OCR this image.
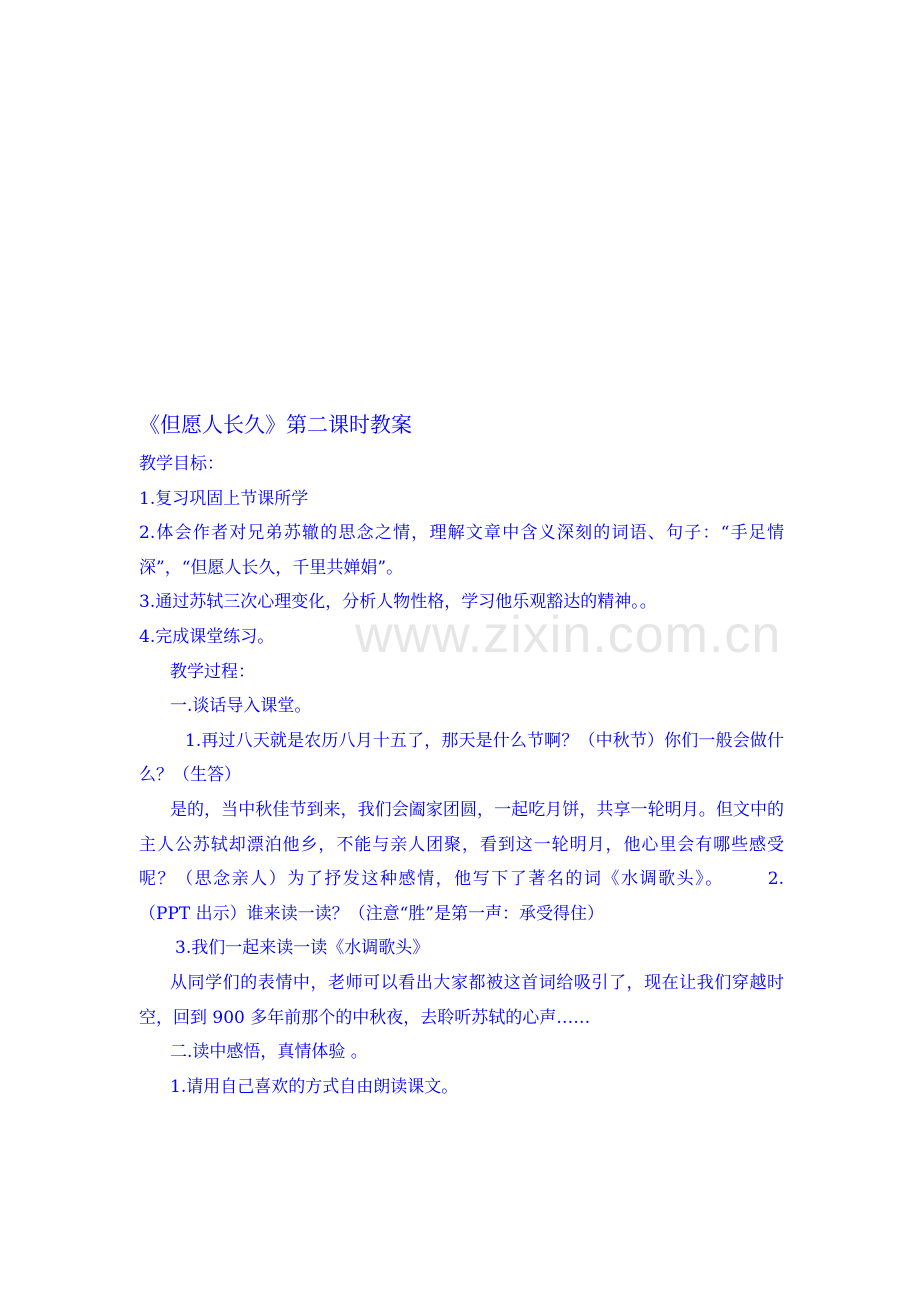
www.zixin.com.cn

《但愿人长久》第二课时教案

教学目标：

1.复习巩固上节课所学

2.体会作者对兄弟苏辙的思念之情，理解文章中含义深刻的词语、句子：“手足情深”，“但愿人长久，千里共婵娟”。

3.通过苏轼三次心理变化，分析人物性格，学习他乐观豁达的精神。。

4.完成课堂练习。

教学过程：

一.谈话导入课堂。

1.再过八天就是农历八月十五了，那天是什么节啊？（中秋节）你们一般会做什么？（生答）

是的，当中秋佳节到来，我们会阖家团圆，一起吃月饼，共享一轮明月。但文中的主人公苏轼却漂泊他乡，不能与亲人团聚，看到这一轮明月，他心里会有哪些感受呢？（思念亲人）为了抒发这种感情，他写下了著名的词《水调歌头》。	2.（PPT 出示）谁来读一读？（注意“胜”是第一声：承受得住）

3.我们一起来读一读《水调歌头》

从同学们的表情中，老师可以看出大家都被这首词给吸引了，现在让我们穿越时空，回到 900 多年前那个的中秋夜，去聆听苏轼的心声……

二.读中感悟，真情体验 。

1.请用自己喜欢的方式自由朗读课文。
